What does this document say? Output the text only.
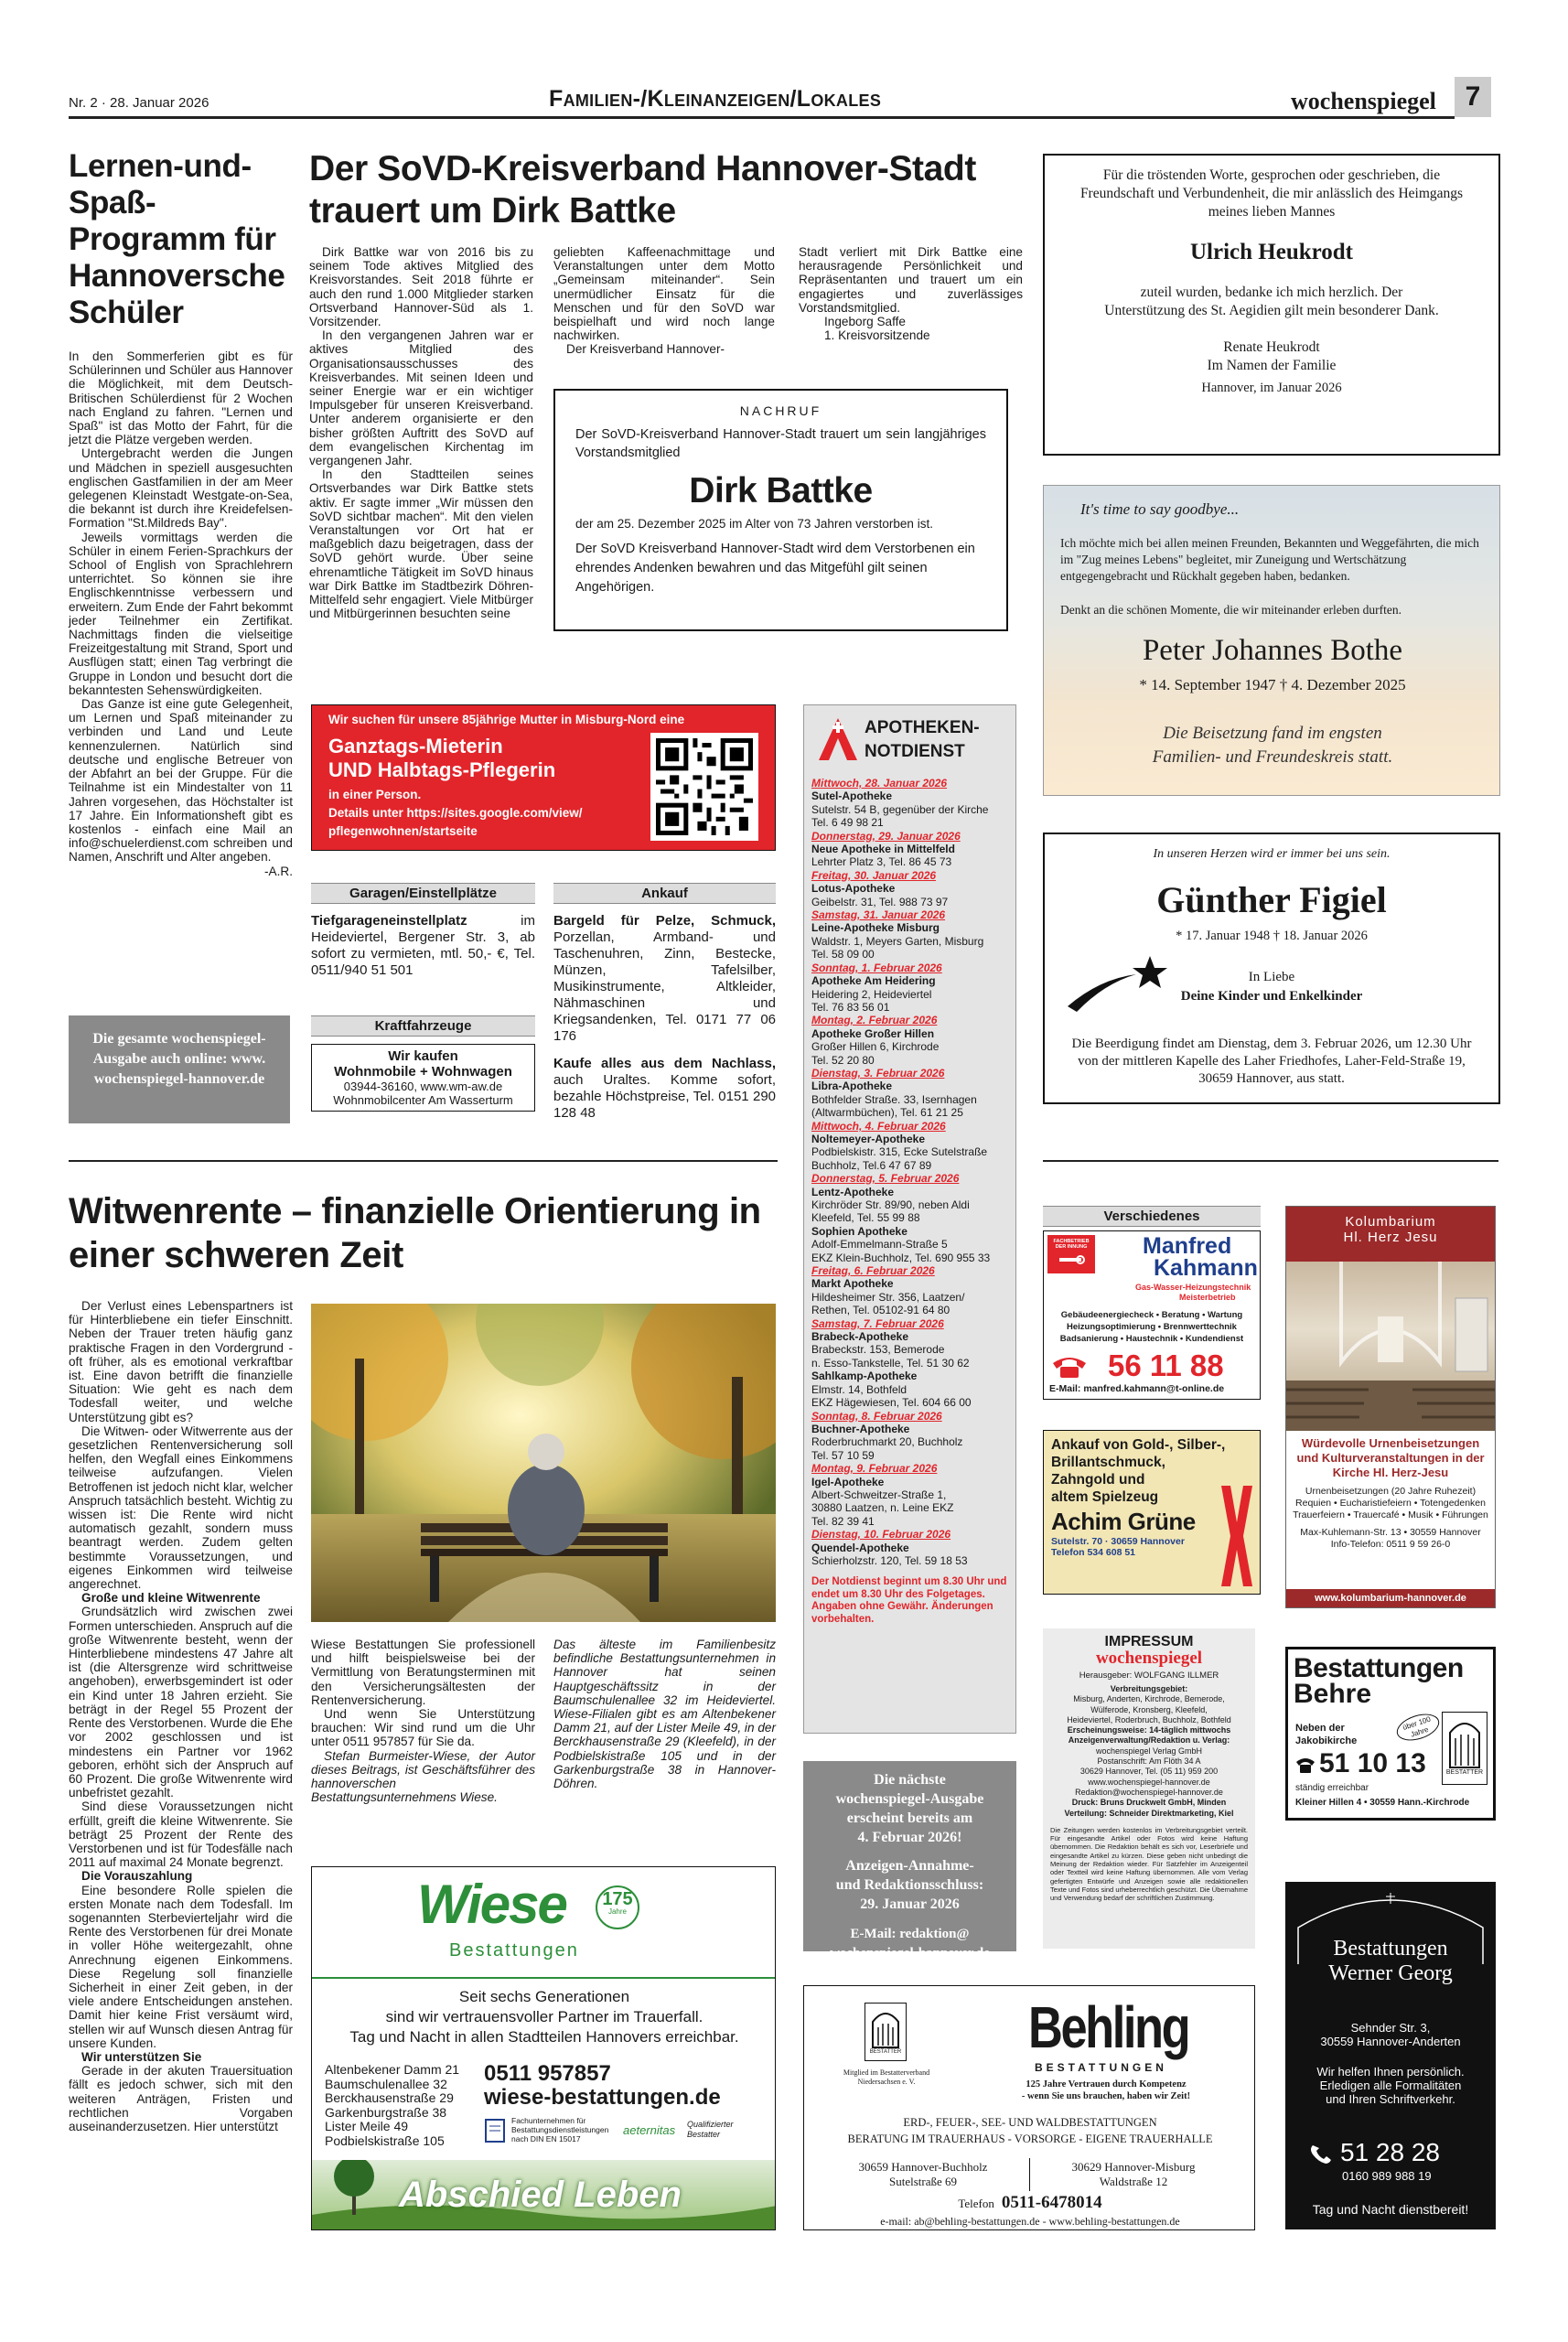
Nr. 2 · 28. Januar 2026	Familien-/Kleinanzeigen/Lokales	wochenspiegel	7
Lernen-und-Spaß-Programm für Hannoversche Schüler

In den Sommerferien gibt es für Schülerinnen und Schüler aus Hannover die Möglichkeit, mit dem Deutsch-Britischen Schülerdienst für 2 Wochen nach England zu fahren. "Lernen und Spaß" ist das Motto der Fahrt, für die jetzt die Plätze vergeben werden.

Untergebracht werden die Jungen und Mädchen in speziell ausgesuchten englischen Gastfamilien in der am Meer gelegenen Kleinstadt Westgate-on-Sea, die bekannt ist durch ihre Kreidefelsen-Formation "St.Mildreds Bay".

Jeweils vormittags werden die Schüler in einem Ferien-Sprachkurs der School of English von Sprachlehrern unterrichtet. So können sie ihre Englischkenntnisse verbessern und erweitern. Zum Ende der Fahrt bekommt jeder Teilnehmer ein Zertifikat. Nachmittags finden die vielseitige Freizeitgestaltung mit Strand, Sport und Ausflügen statt; einen Tag verbringt die Gruppe in London und besucht dort die bekanntesten Sehenswürdigkeiten.

Das Ganze ist eine gute Gelegenheit, um Lernen und Spaß miteinander zu verbinden und Land und Leute kennenzulernen. Natürlich sind deutsche und englische Betreuer von der Abfahrt an bei der Gruppe. Für die Teilnahme ist ein Mindestalter von 11 Jahren vorgesehen, das Höchstalter ist 17 Jahre. Ein Informationsheft gibt es kostenlos - einfach eine Mail an info@schuelerdienst.com schreiben und Namen, Anschrift und Alter angeben.

-A.R.

Die gesamte wochenspiegel-Ausgabe auch online: www. wochenspiegel-hannover.de
Der SoVD-Kreisverband Hannover-Stadt trauert um Dirk Battke

Dirk Battke war von 2016 bis zu seinem Tode aktives Mitglied des Kreisvorstandes. Seit 2018 führte er auch den rund 1.000 Mitglieder starken Ortsverband Hannover-Süd als 1. Vorsitzender.

In den vergangenen Jahren war er aktives Mitglied des Organisationsausschusses des Kreisverbandes. Mit seinen Ideen und seiner Energie war er ein wichtiger Impulsgeber für unseren Kreisverband. Unter anderem organisierte er den bisher größten Auftritt des SoVD auf dem evangelischen Kirchentag im vergangenen Jahr.

In den Stadtteilen seines Ortsverbandes war Dirk Battke stets aktiv. Er sagte immer „Wir müssen den SoVD sichtbar machen“. Mit den vielen Veranstaltungen vor Ort hat er maßgeblich dazu beigetragen, dass der SoVD gehört wurde. Über seine ehrenamtliche Tätigkeit im SoVD hinaus war Dirk Battke im Stadtbezirk Döhren-Mittelfeld sehr engagiert. Viele Mitbürger und Mitbürgerinnen besuchten seine

geliebten Kaffeenachmittage und Veranstaltungen unter dem Motto „Gemeinsam miteinander“. Sein unermüdlicher Einsatz für die Menschen und für den SoVD war beispielhaft und wird noch lange nachwirken.

Der Kreisverband Hannover-

Stadt verliert mit Dirk Battke eine herausragende Persönlichkeit und Repräsentanten und trauert um ein engagiertes und zuverlässiges Vorstandsmitglied.

Ingeborg Saffe

1. Kreisvorsitzende

NACHRUF
Der SoVD-Kreisverband Hannover-Stadt trauert um sein langjähriges Vorstandsmitglied
Dirk Battke
der am 25. Dezember 2025 im Alter von 73 Jahren verstorben ist.
Der SoVD Kreisverband Hannover-Stadt wird dem Verstorbenen ein ehrendes Andenken bewahren und das Mitgefühl gilt seinen Angehörigen.
Für die tröstenden Worte, gesprochen oder geschrieben, die Freundschaft und Verbundenheit, die mir anlässlich des Heimgangs meines lieben Mannes
Ulrich Heukrodt
zuteil wurden, bedanke ich mich herzlich. Der Unterstützung des St. Aegidien gilt mein besonderer Dank.
Renate Heukrodt
Im Namen der Familie
Hannover, im Januar 2026
It's time to say goodbye...
Ich möchte mich bei allen meinen Freunden, Bekannten und Weggefährten, die mich im "Zug meines Lebens" begleitet, mir Zuneigung und Wertschätzung entgegengebracht und Rückhalt gegeben haben, bedanken.
Denkt an die schönen Momente, die wir miteinander erleben durften.
Peter Johannes Bothe
* 14. September 1947 † 4. Dezember 2025
Die Beisetzung fand im engsten Familien- und Freundeskreis statt.
In unseren Herzen wird er immer bei uns sein.
Günther Figiel
* 17. Januar 1948 † 18. Januar 2026
In Liebe
Deine Kinder und Enkelkinder
Die Beerdigung findet am Dienstag, dem 3. Februar 2026, um 12.30 Uhr von der mittleren Kapelle des Laher Friedhofes, Laher-Feld-Straße 19, 30659 Hannover, aus statt.
Wir suchen für unsere 85jährige Mutter in Misburg-Nord eine
Ganztags-Mieterin
UND Halbtags-Pflegerin
in einer Person.
Details unter https://sites.google.com/view/
pflegenwohnen/startseite
Garagen/Einstellplätze
Tiefgarageneinstellplatz im Heideviertel, Bergener Str. 3, ab sofort zu vermieten, mtl. 50,- €, Tel. 0511/940 51 501
Kraftfahrzeuge
Wir kaufen
Wohnmobile + Wohnwagen
03944-36160, www.wm-aw.de
Wohnmobilcenter Am Wasserturm
Ankauf
Bargeld für Pelze, Schmuck, Porzellan, Armband- und Taschenuhren, Zinn, Bestecke, Münzen, Tafelsilber, Musikinstrumente, Altkleider, Nähmaschinen und Kriegsandenken, Tel. 0171 77 06 176
Kaufe alles aus dem Nachlass, auch Uraltes. Komme sofort, bezahle Höchstpreise, Tel. 0151 290 128 48
APOTHEKEN-
NOTDIENST
Mittwoch, 28. Januar 2026
Sutel-Apotheke
Sutelstr. 54 B, gegenüber der Kirche
Tel. 6 49 98 21
Donnerstag, 29. Januar 2026
Neue Apotheke in Mittelfeld
Lehrter Platz 3, Tel. 86 45 73
Freitag, 30. Januar 2026
Lotus-Apotheke
Geibelstr. 31, Tel. 988 73 97
Samstag, 31. Januar 2026
Leine-Apotheke Misburg
Waldstr. 1, Meyers Garten, Misburg
Tel. 58 09 00
Sonntag, 1. Februar 2026
Apotheke Am Heidering
Heidering 2, Heideviertel
Tel. 76 83 56 01
Montag, 2. Februar 2026
Apotheke Großer Hillen
Großer Hillen 6, Kirchrode
Tel. 52 20 80
Dienstag, 3. Februar 2026
Libra-Apotheke
Bothfelder Straße. 33, Isernhagen (Altwarmbüchen), Tel. 61 21 25
Mittwoch, 4. Februar 2026
Noltemeyer-Apotheke
Podbielskistr. 315, Ecke Sutelstraße
Buchholz, Tel.6 47 67 89
Donnerstag, 5. Februar 2026
Lentz-Apotheke
Kirchröder Str. 89/90, neben Aldi
Kleefeld, Tel. 55 99 88
Sophien Apotheke
Adolf-Emmelmann-Straße 5
EKZ Klein-Buchholz, Tel. 690 955 33
Freitag, 6. Februar 2026
Markt Apotheke
Hildesheimer Str. 356, Laatzen/
Rethen, Tel. 05102-91 64 80
Samstag, 7. Februar 2026
Brabeck-Apotheke
Brabeckstr. 153, Bemerode
n. Esso-Tankstelle, Tel. 51 30 62
Sahlkamp-Apotheke
Elmstr. 14, Bothfeld
EKZ Hägewiesen, Tel. 604 66 00
Sonntag, 8. Februar 2026
Buchner-Apotheke
Roderbruchmarkt 20, Buchholz
Tel. 57 10 59
Montag, 9. Februar 2026
Igel-Apotheke
Albert-Schweitzer-Straße 1,
30880 Laatzen, n. Leine EKZ
Tel. 82 39 41
Dienstag, 10. Februar 2026
Quendel-Apotheke
Schierholzstr. 120, Tel. 59 18 53
Der Notdienst beginnt um 8.30 Uhr und endet um 8.30 Uhr des Folgetages. Angaben ohne Gewähr. Änderungen vorbehalten.
Die nächste
wochenspiegel-Ausgabe
erscheint bereits am
4. Februar 2026!
Anzeigen-Annahme-
und Redaktionsschluss:
29. Januar 2026
E-Mail: redaktion@
wochenspiegel-hannover.de
IMPRESSUM
wochenspiegel
Herausgeber: WOLFGANG ILLMER
Verbreitungsgebiet:
Misburg, Anderten, Kirchrode, Bemerode,
Wülferode, Kronsberg, Kleefeld,
Heideviertel, Roderbruch, Buchholz, Bothfeld
Erscheinungsweise: 14-täglich mittwochs
Anzeigenverwaltung/Redaktion u. Verlag:
wochenspiegel Verlag GmbH
Postanschrift: Am Flöth 34 A
30629 Hannover, Tel. (05 11) 959 200
www.wochenspiegel-hannover.de
Redaktion@wochenspiegel-hannover.de
Druck: Bruns Druckwelt GmbH, Minden
Verteilung: Schneider Direktmarketing, Kiel
Die Zeitungen werden kostenlos im Verbreitungsgebiet verteilt. Für eingesandte Artikel oder Fotos wird keine Haftung übernommen. Die Redaktion behält es sich vor, Leserbriefe und eingesandte Artikel zu kürzen. Diese geben nicht unbedingt die Meinung der Redaktion wieder. Für Satzfehler im Anzeigenteil oder Textteil wird keine Haftung übernommen. Alle vom Verlag gefertigten Entwürfe und Anzeigen sowie alle redaktionellen Texte und Fotos sind urheberrechtlich geschützt. Die Übernahme und Verwendung bedarf der schriftlichen Zustimmung.
Verschiedenes
FACHBETRIEB DER INNUNG	Manfred
Kahmann
Gas-Wasser-Heizungstechnik
Meisterbetrieb
Gebäudeenergiecheck • Beratung • Wartung
Heizungsoptimierung • Brennwerttechnik
Badsanierung • Haustechnik • Kundendienst
56 11 88
E-Mail: manfred.kahmann@t-online.de
Ankauf von Gold-, Silber-,
Brillantschmuck,
Zahngold und
altem Spielzeug
Achim Grüne
Sutelstr. 70 · 30659 Hannover
Telefon 534 608 51
Kolumbarium
Hl. Herz Jesu
Würdevolle Urnenbeisetzungen und Kulturveranstaltungen in der Kirche Hl. Herz-Jesu
Urnenbeisetzungen (20 Jahre Ruhezeit)
Requien • Eucharistiefeiern • Totengedenken
Trauerfeiern • Trauercafé • Musik • Führungen
Max-Kuhlemann-Str. 13 • 30559 Hannover
Info-Telefon: 0511 9 59 26-0
www.kolumbarium-hannover.de
Bestattungen
Behre
über 100 Jahre
Neben der
Jakobikirche
51 10 13
ständig erreichbar
Kleiner Hillen 4 • 30559 Hann.-Kirchrode
BESTATTER
Bestattungen
Werner Georg
Sehnder Str. 3,
30559 Hannover-Anderten
Wir helfen Ihnen persönlich.
Erledigen alle Formalitäten
und Ihren Schriftverkehr.
51 28 28
0160 989 988 19
Tag und Nacht dienstbereit!
Witwenrente – finanzielle Orientierung in einer schweren Zeit

Der Verlust eines Lebenspartners ist für Hinterbliebene ein tiefer Einschnitt. Neben der Trauer treten häufig ganz praktische Fragen in den Vordergrund - oft früher, als es emotional verkraftbar ist. Eine davon betrifft die finanzielle Situation: Wie geht es nach dem Todesfall weiter, und welche Unterstützung gibt es?

Die Witwen- oder Witwerrente aus der gesetzlichen Rentenversicherung soll helfen, den Wegfall eines Einkommens teilweise aufzufangen. Vielen Betroffenen ist jedoch nicht klar, welcher Anspruch tatsächlich besteht. Wichtig zu wissen ist: Die Rente wird nicht automatisch gezahlt, sondern muss beantragt werden. Zudem gelten bestimmte Voraussetzungen, und eigenes Einkommen wird teilweise angerechnet.

Große und kleine Witwenrente

Grundsätzlich wird zwischen zwei Formen unterschieden. Anspruch auf die große Witwenrente besteht, wenn der Hinterbliebene mindestens 47 Jahre alt ist (die Altersgrenze wird schrittweise angehoben), erwerbsgemindert ist oder ein Kind unter 18 Jahren erzieht. Sie beträgt in der Regel 55 Prozent der Rente des Verstorbenen. Wurde die Ehe vor 2002 geschlossen und ist mindestens ein Partner vor 1962 geboren, erhöht sich der Anspruch auf 60 Prozent. Die große Witwenrente wird unbefristet gezahlt.

Sind diese Voraussetzungen nicht erfüllt, greift die kleine Witwenrente. Sie beträgt 25 Prozent der Rente des Verstorbenen und ist für Todesfälle nach 2011 auf maximal 24 Monate begrenzt.

Die Vorauszahlung

Eine besondere Rolle spielen die ersten Monate nach dem Todesfall. Im sogenannten Sterbevierteljahr wird die Rente des Verstorbenen für drei Monate in voller Höhe weitergezahlt, ohne Anrechnung eigenen Einkommens. Diese Regelung soll finanzielle Sicherheit in einer Zeit geben, in der viele andere Entscheidungen anstehen. Damit hier keine Frist versäumt wird, stellen wir auf Wunsch diesen Antrag für unsere Kunden.

Wir unterstützen Sie

Gerade in der akuten Trauersituation fällt es jedoch schwer, sich mit den weiteren Anträgen, Fristen und rechtlichen Vorgaben auseinanderzusetzen. Hier unterstützt

Wiese Bestattungen Sie professionell und hilft beispielsweise bei der Vermittlung von Beratungsterminen mit den Versicherungsältesten der Rentenversicherung.

Und wenn Sie Unterstützung brauchen: Wir sind rund um die Uhr unter 0511 957857 für Sie da.

Stefan Burmeister-Wiese, der Autor dieses Beitrags, ist Geschäftsführer des hannoverschen Bestattungsunternehmens Wiese.

Das älteste im Familienbesitz befindliche Bestattungsunternehmen in Hannover hat seinen Hauptgeschäftssitz in der Baumschulenallee 32 im Heideviertel. Wiese-Filialen gibt es am Altenbekener Damm 21, auf der Lister Meile 49, in der Berckhausenstraße 29 (Kleefeld), in der Podbielskistraße 105 und in der Garkenburgstraße 38 in Hannover-Döhren.

Wiese 175
Jahre
Bestattungen
Seit sechs Generationen
sind wir vertrauensvoller Partner im Trauerfall.
Tag und Nacht in allen Stadtteilen Hannovers erreichbar.
Altenbekener Damm 21
Baumschulenallee 32
Berckhausenstraße 29
Garkenburgstraße 38
Lister Meile 49
Podbielskistraße 105
0511 957857
wiese-bestattungen.de
Fachunternehmen für Bestattungsdienstleistungen nach DIN EN 15017
aeternitas Qualifizierter Bestatter
Abschied Leben
BESTATTER
Mitglied im Bestatterverband Niedersachsen e. V.
Behling
BESTATTUNGEN
125 Jahre Vertrauen durch Kompetenz
- wenn Sie uns brauchen, haben wir Zeit!
ERD-, FEUER-, SEE- UND WALDBESTATTUNGEN
BERATUNG IM TRAUERHAUS - VORSORGE - EIGENE TRAUERHALLE
30659 Hannover-Buchholz
Sutelstraße 69
30629 Hannover-Misburg
Waldstraße 12
Telefon 0511-6478014
e-mail: ab@behling-bestattungen.de - www.behling-bestattungen.de
